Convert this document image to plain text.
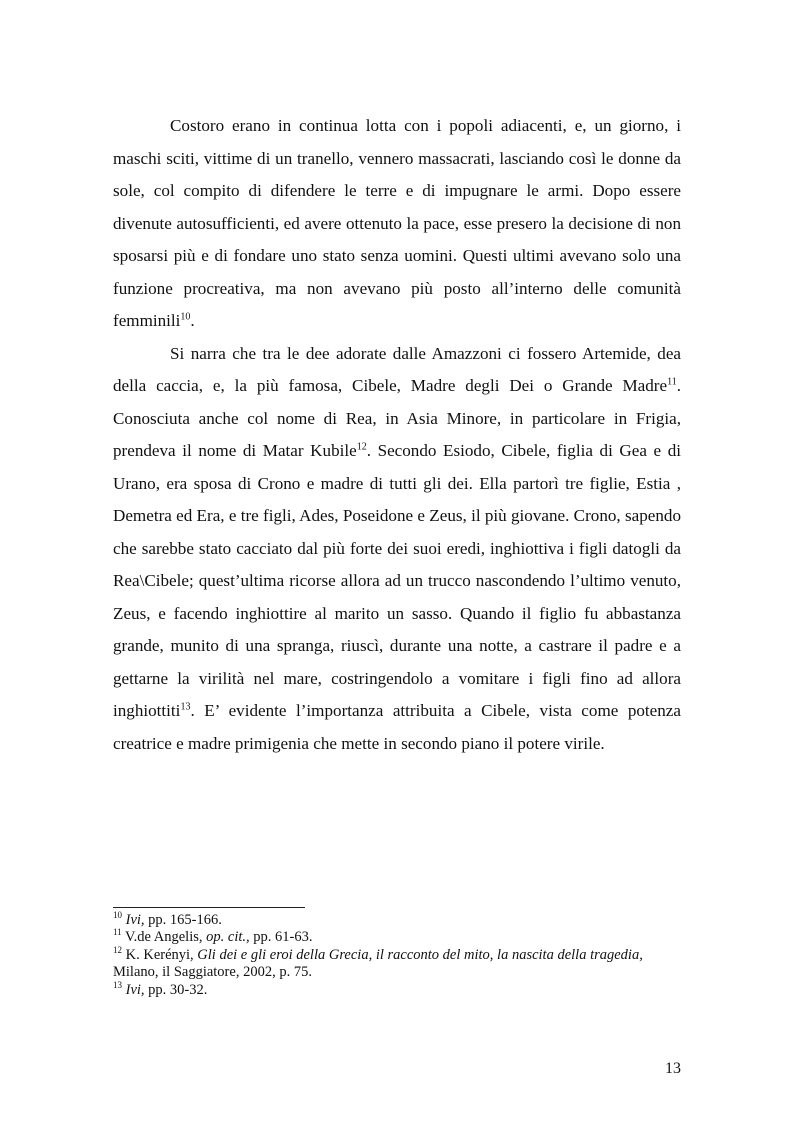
Costoro erano in continua lotta con i popoli adiacenti, e, un giorno, i maschi sciti, vittime di un tranello, vennero massacrati, lasciando così le donne da sole, col compito di difendere le terre e di impugnare le armi. Dopo essere divenute autosufficienti, ed avere ottenuto la pace, esse presero la decisione di non sposarsi più e di fondare uno stato senza uomini. Questi ultimi avevano solo una funzione procreativa, ma non avevano più posto all’interno delle comunità femminili$^{10}$.

Si narra che tra le dee adorate dalle Amazzoni ci fossero Artemide, dea della caccia, e, la più famosa, Cibele, Madre degli Dei o Grande Madre$^{11}$. Conosciuta anche col nome di Rea, in Asia Minore, in particolare in Frigia, prendeva il nome di Matar Kubile$^{12}$. Secondo Esiodo, Cibele, figlia di Gea e di Urano, era sposa di Crono e madre di tutti gli dei. Ella partorì tre figlie, Estia , Demetra ed Era, e tre figli, Ades, Poseidone e Zeus, il più giovane. Crono, sapendo che sarebbe stato cacciato dal più forte dei suoi eredi, inghiottiva i figli datogli da Rea\Cibele; quest’ultima ricorse allora ad un trucco nascondendo l’ultimo venuto, Zeus, e facendo inghiottire al marito un sasso. Quando il figlio fu abbastanza grande, munito di una spranga, riuscì, durante una notte, a castrare il padre e a gettarne la virilità nel mare, costringendolo a vomitare i figli fino ad allora inghiottiti$^{13}$. E’ evidente l’importanza attribuita a Cibele, vista come potenza creatrice e madre primigenia che mette in secondo piano il potere virile.

$^{10}$ Ivi, pp. 165-166.

$^{11}$ V.de Angelis, op. cit., pp. 61-63.

$^{12}$ K. Kerényi, Gli dei e gli eroi della Grecia, il racconto del mito, la nascita della tragedia, Milano, il Saggiatore, 2002, p. 75.

$^{13}$ Ivi, pp. 30-32.

13
